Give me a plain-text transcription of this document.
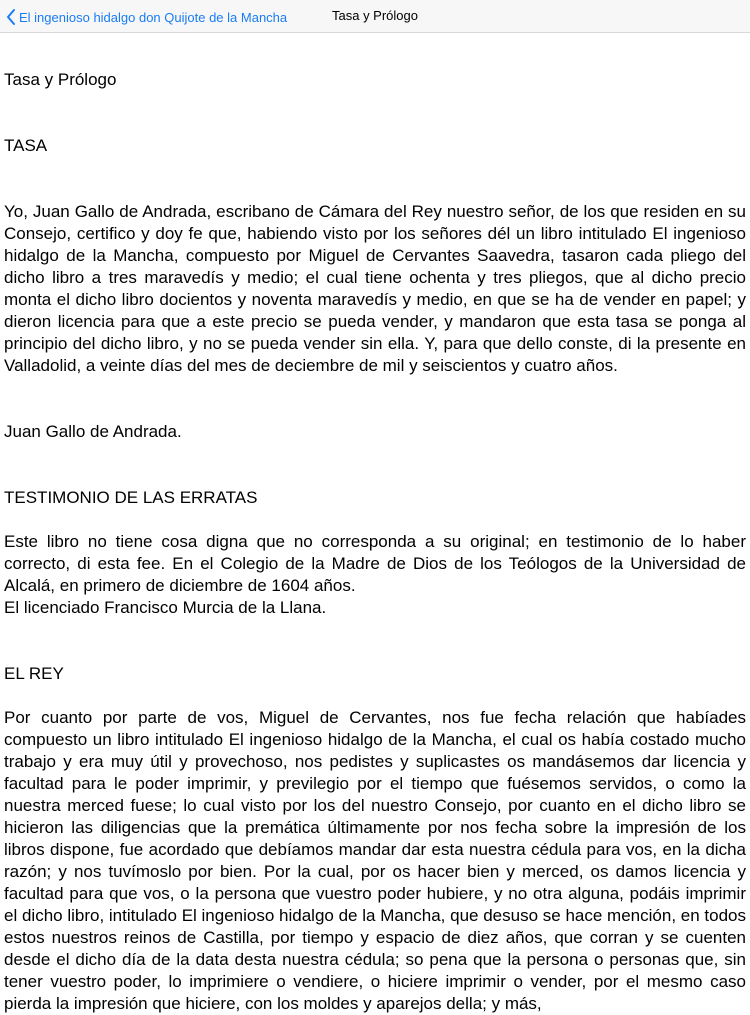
El ingenioso hidalgo don Quijote de la Mancha	Tasa y Prólogo

Tasa y Prólogo

TASA

Yo, Juan Gallo de Andrada, escribano de Cámara del Rey nuestro señor, de los que residen en su Consejo, certifico y doy fe que, habiendo visto por los señores dél un libro intitulado El ingenioso hidalgo de la Mancha, compuesto por Miguel de Cervantes Saavedra, tasaron cada pliego del dicho libro a tres maravedís y medio; el cual tiene ochenta y tres pliegos, que al dicho precio monta el dicho libro docientos y noventa maravedís y medio, en que se ha de vender en papel; y dieron licencia para que a este precio se pueda vender, y mandaron que esta tasa se ponga al principio del dicho libro, y no se pueda vender sin ella. Y, para que dello conste, di la presente en Valladolid, a veinte días del mes de deciembre de mil y seiscientos y cuatro años.

Juan Gallo de Andrada.

TESTIMONIO DE LAS ERRATAS

Este libro no tiene cosa digna que no corresponda a su original; en testimonio de lo haber correcto, di esta fee. En el Colegio de la Madre de Dios de los Teólogos de la Universidad de Alcalá, en primero de diciembre de 1604 años.

El licenciado Francisco Murcia de la Llana.

EL REY

Por cuanto por parte de vos, Miguel de Cervantes, nos fue fecha relación que habíades compuesto un libro intitulado El ingenioso hidalgo de la Mancha, el cual os había costado mucho trabajo y era muy útil y provechoso, nos pedistes y suplicastes os mandásemos dar licencia y facultad para le poder imprimir, y previlegio por el tiempo que fuésemos servidos, o como la nuestra merced fuese; lo cual visto por los del nuestro Consejo, por cuanto en el dicho libro se hicieron las diligencias que la premática últimamente por nos fecha sobre la impresión de los libros dispone, fue acordado que debíamos mandar dar esta nuestra cédula para vos, en la dicha razón; y nos tuvímoslo por bien. Por la cual, por os hacer bien y merced, os damos licencia y facultad para que vos, o la persona que vuestro poder hubiere, y no otra alguna, podáis imprimir el dicho libro, intitulado El ingenioso hidalgo de la Mancha, que desuso se hace mención, en todos estos nuestros reinos de Castilla, por tiempo y espacio de diez años, que corran y se cuenten desde el dicho día de la data desta nuestra cédula; so pena que la persona o personas que, sin tener vuestro poder, lo imprimiere o vendiere, o hiciere imprimir o vender, por el mesmo caso pierda la impresión que hiciere, con los moldes y aparejos della; y más,
